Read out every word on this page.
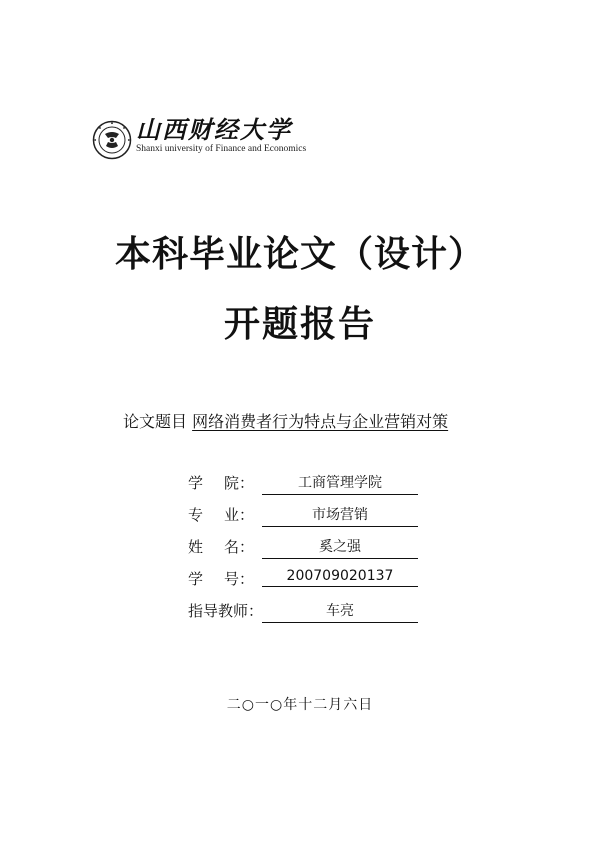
山西财经大学
Shanxi university of Finance and Economics
本科毕业论文（设计）
开题报告
论文题目 网络消费者行为特点与企业营销对策
学 院：	工商管理学院
专 业：	市场营销
姓 名：	奚之强
学 号：	200709020137
指导教师：	车亮
二○一○年十二月六日
